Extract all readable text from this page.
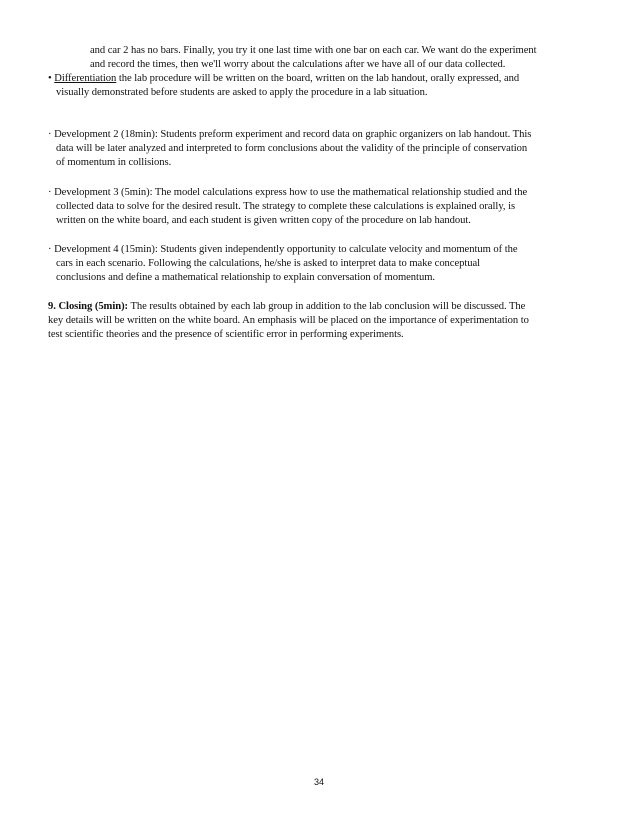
and car 2 has no bars. Finally, you try it one last time with one bar on each car. We want do the experiment
and record the times, then we'll worry about the calculations after we have all of our data collected.
• Differentiation the lab procedure will be written on the board, written on the lab handout, orally expressed, and
visually demonstrated before students are asked to apply the procedure in a lab situation.
· Development 2 (18min): Students preform experiment and record data on graphic organizers on lab handout. This
data will be later analyzed and interpreted to form conclusions about the validity of the principle of conservation
of momentum in collisions.
· Development 3 (5min): The model calculations express how to use the mathematical relationship studied and the
collected data to solve for the desired result. The strategy to complete these calculations is explained orally, is
written on the white board, and each student is given written copy of the procedure on lab handout.
· Development 4 (15min): Students given independently opportunity to calculate velocity and momentum of the
cars in each scenario. Following the calculations, he/she is asked to interpret data to make conceptual
conclusions and define a mathematical relationship to explain conversation of momentum.
9. Closing (5min): The results obtained by each lab group in addition to the lab conclusion will be discussed. The
key details will be written on the white board. An emphasis will be placed on the importance of experimentation to
test scientific theories and the presence of scientific error in performing experiments.
34
